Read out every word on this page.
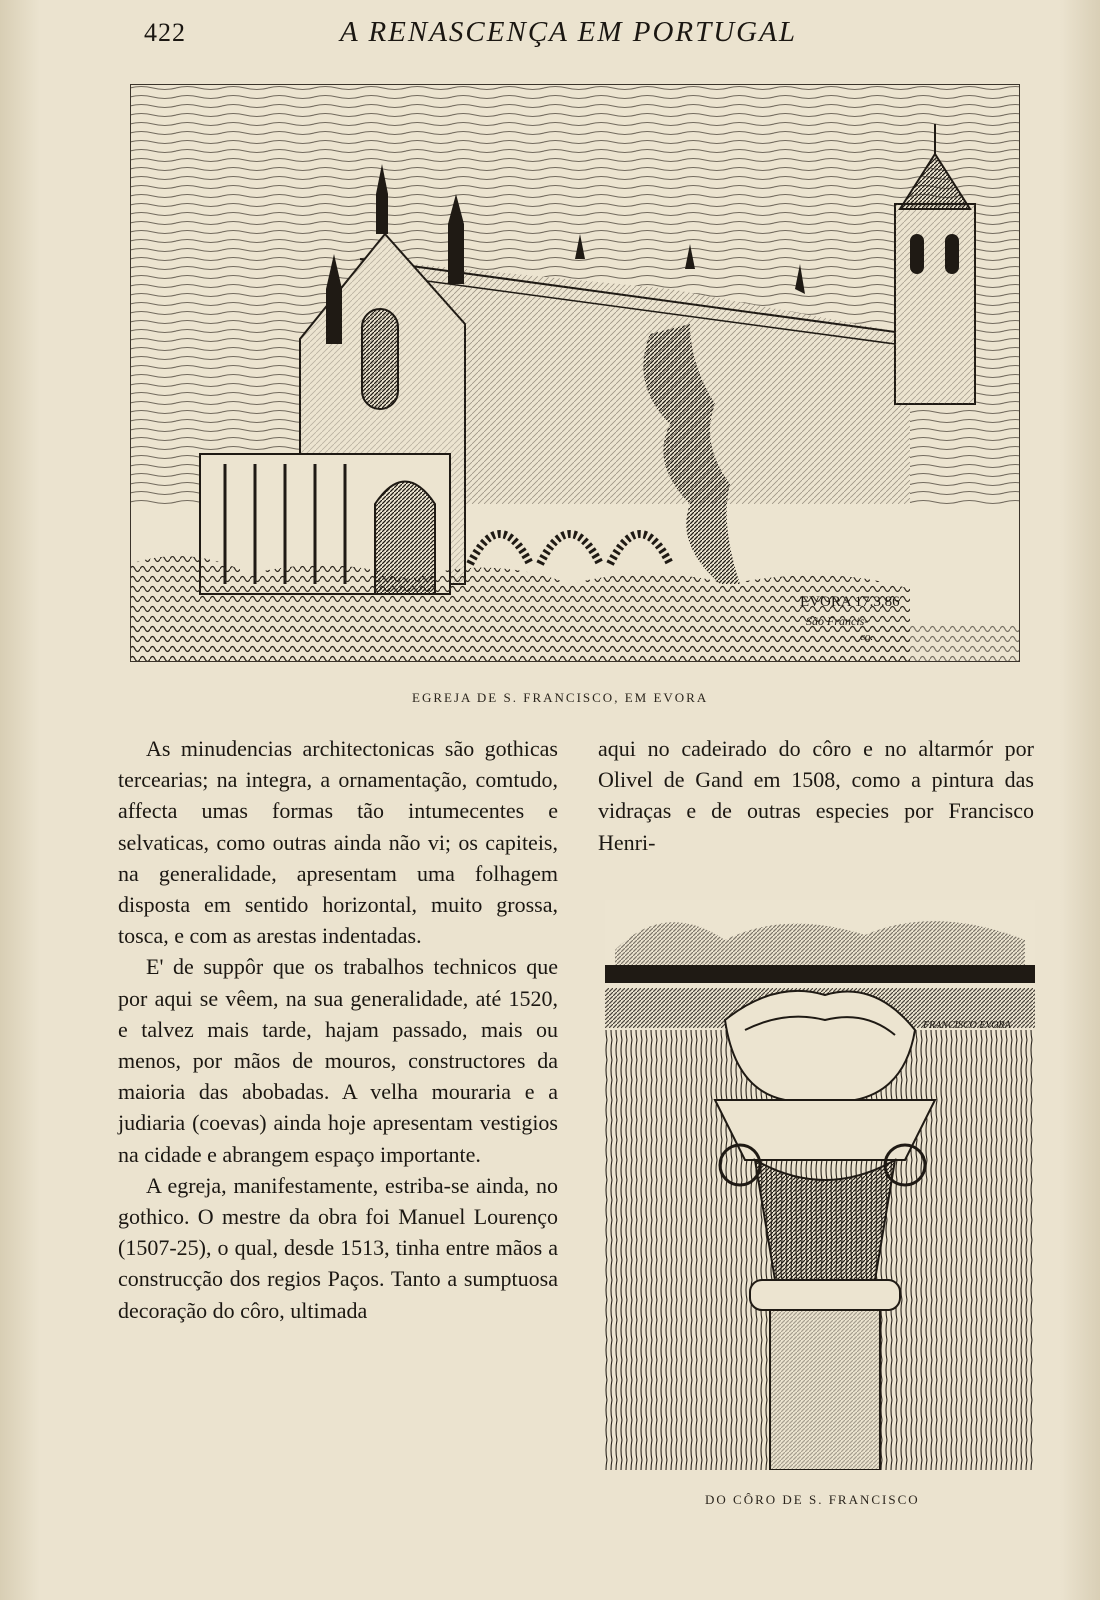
422	A RENASCENÇA EM PORTUGAL
EVORA 17.3.86
São Francis-
co.
EGREJA DE S. FRANCISCO, EM EVORA

As minudencias architectonicas são gothicas tercearias; na integra, a ornamentação, comtudo, affecta umas formas tão intumecentes e selvaticas, como outras ainda não vi; os capiteis, na generalidade, apresentam uma folhagem disposta em sentido horizontal, muito grossa, tosca, e com as arestas indentadas.

E' de suppôr que os trabalhos technicos que por aqui se vêem, na sua generalidade, até 1520, e talvez mais tarde, hajam passado, mais ou menos, por mãos de mouros, constructores da maioria das abobadas. A velha mouraria e a judiaria (coevas) ainda hoje apresentam vestigios na cidade e abrangem espaço importante.

A egreja, manifestamente, estriba-se ainda, no gothico. O mestre da obra foi Manuel Lourenço (1507-25), o qual, desde 1513, tinha entre mãos a construcção dos regios Paços. Tanto a sumptuosa decoração do côro, ultimada

aqui no cadeirado do côro e no altarmór por Olivel de Gand em 1508, como a pintura das vidraças e de outras especies por Francisco Henri-

FRANCISCO EVORA
DO CÔRO DE S. FRANCISCO
